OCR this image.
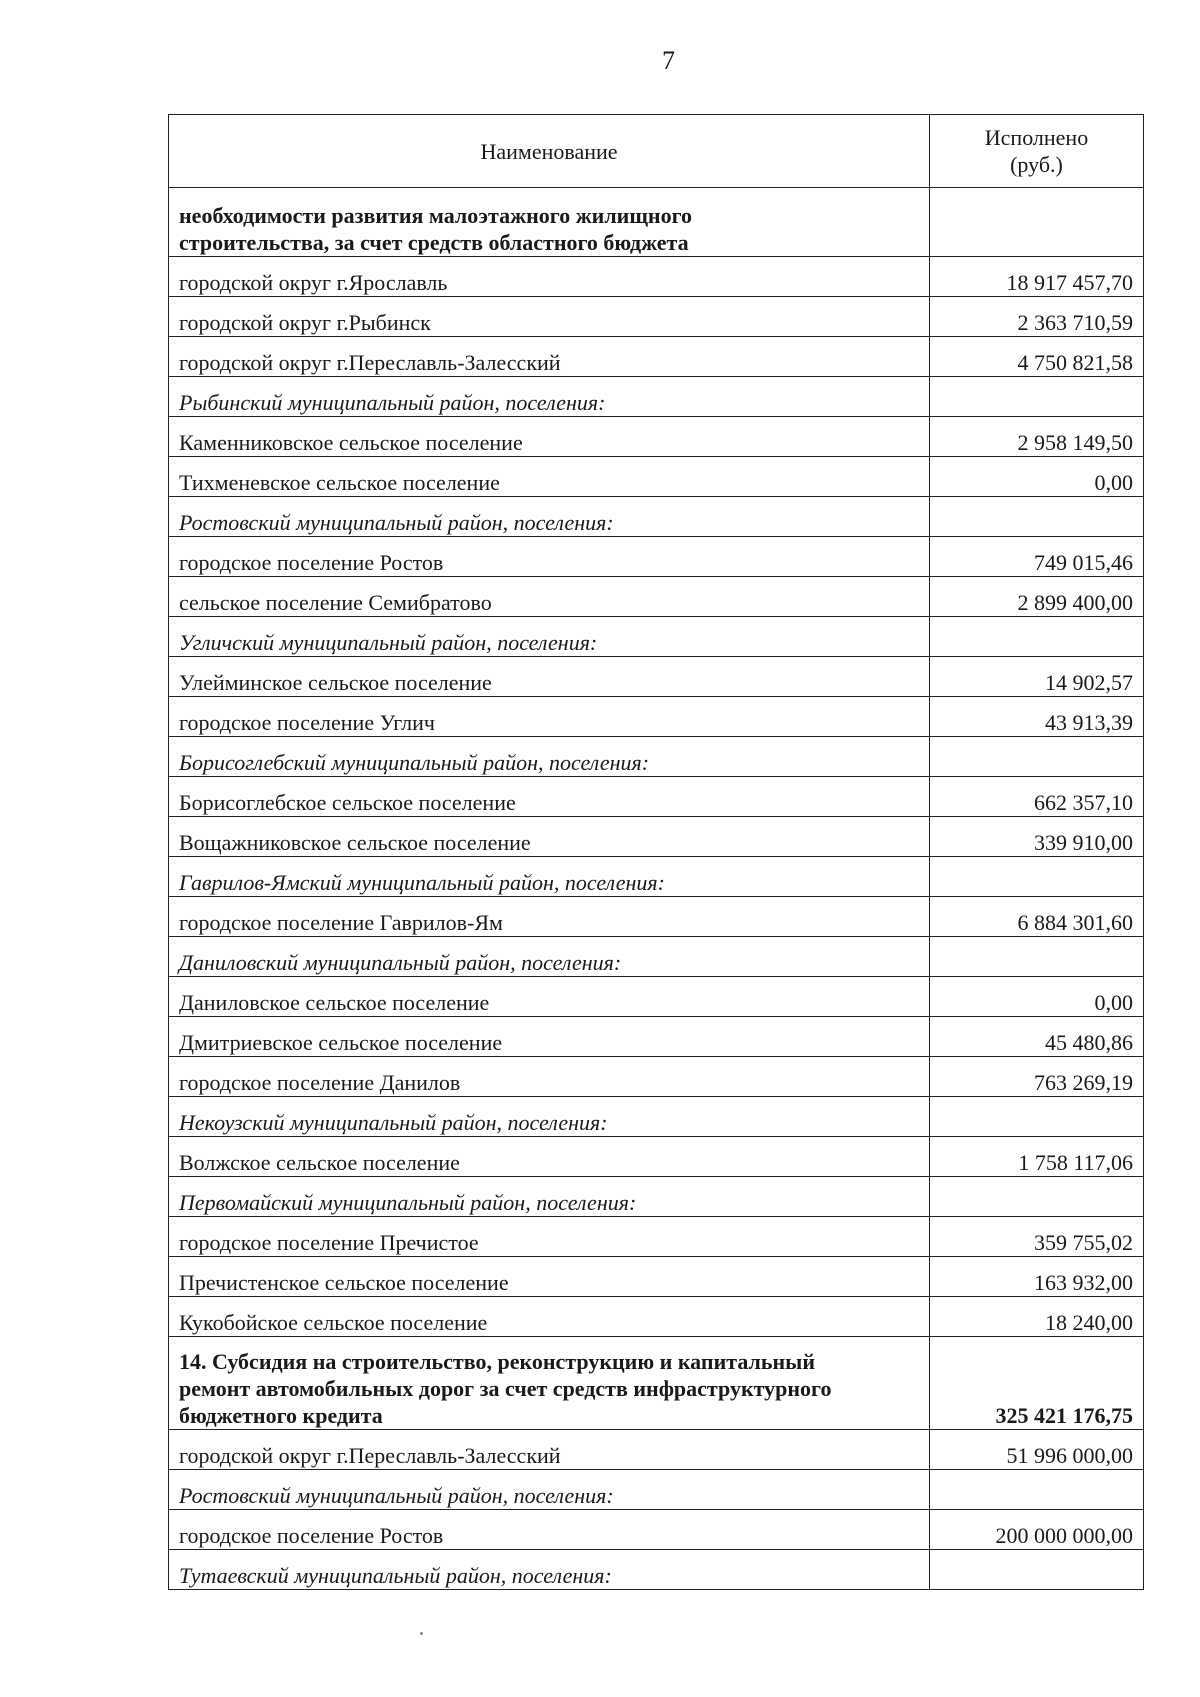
7
Наименование	Исполнено
(руб.)
необходимости развития малоэтажного жилищного
строительства, за счет средств областного бюджета	
городской округ г.Ярославль	18 917 457,70
городской округ г.Рыбинск	2 363 710,59
городской округ г.Переславль-Залесский	4 750 821,58
Рыбинский муниципальный район, поселения:	
Каменниковское сельское поселение	2 958 149,50
Тихменевское сельское поселение	0,00
Ростовский муниципальный район, поселения:	
городское поселение Ростов	749 015,46
сельское поселение Семибратово	2 899 400,00
Угличский муниципальный район, поселения:	
Улейминское сельское поселение	14 902,57
городское поселение Углич	43 913,39
Борисоглебский муниципальный район, поселения:	
Борисоглебское сельское поселение	662 357,10
Вощажниковское сельское поселение	339 910,00
Гаврилов-Ямский муниципальный район, поселения:	
городское поселение Гаврилов-Ям	6 884 301,60
Даниловский муниципальный район, поселения:	
Даниловское сельское поселение	0,00
Дмитриевское сельское поселение	45 480,86
городское поселение Данилов	763 269,19
Некоузский муниципальный район, поселения:	
Волжское сельское поселение	1 758 117,06
Первомайский муниципальный район, поселения:	
городское поселение Пречистое	359 755,02
Пречистенское сельское поселение	163 932,00
Кукобойское сельское поселение	18 240,00
14. Субсидия на строительство, реконструкцию и капитальный
ремонт автомобильных дорог за счет средств инфраструктурного
бюджетного кредита	325 421 176,75
городской округ г.Переславль-Залесский	51 996 000,00
Ростовский муниципальный район, поселения:	
городское поселение Ростов	200 000 000,00
Тутаевский муниципальный район, поселения:	
